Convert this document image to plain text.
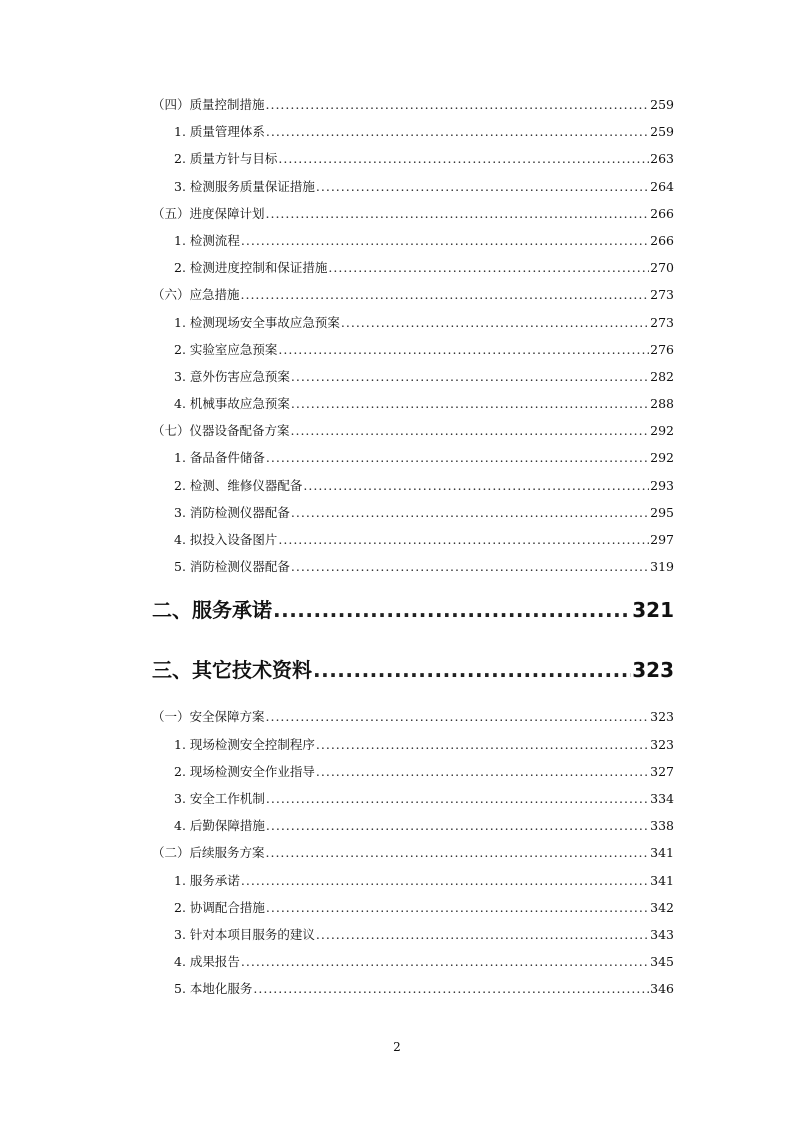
（四）质量控制措施 .....	259
1. 质量管理体系 .....	259
2. 质量方针与目标 .....	263
3. 检测服务质量保证措施 .....	264
（五）进度保障计划 .....	266
1. 检测流程 .....	266
2. 检测进度控制和保证措施 .....	270
（六）应急措施 .....	273
1. 检测现场安全事故应急预案 .....	273
2. 实验室应急预案 .....	276
3. 意外伤害应急预案 .....	282
4. 机械事故应急预案 .....	288
（七）仪器设备配备方案 .....	292
1. 备品备件储备 .....	292
2. 检测、维修仪器配备 .....	293
3. 消防检测仪器配备 .....	295
4. 拟投入设备图片 .....	297
5. 消防检测仪器配备 .....	319
二、服务承诺 .....	321
三、其它技术资料 .....	323
（一）安全保障方案 .....	323
1. 现场检测安全控制程序 .....	323
2. 现场检测安全作业指导 .....	327
3. 安全工作机制 .....	334
4. 后勤保障措施 .....	338
（二）后续服务方案 .....	341
1. 服务承诺 .....	341
2. 协调配合措施 .....	342
3. 针对本项目服务的建议 .....	343
4. 成果报告 .....	345
5. 本地化服务 .....	346
2
